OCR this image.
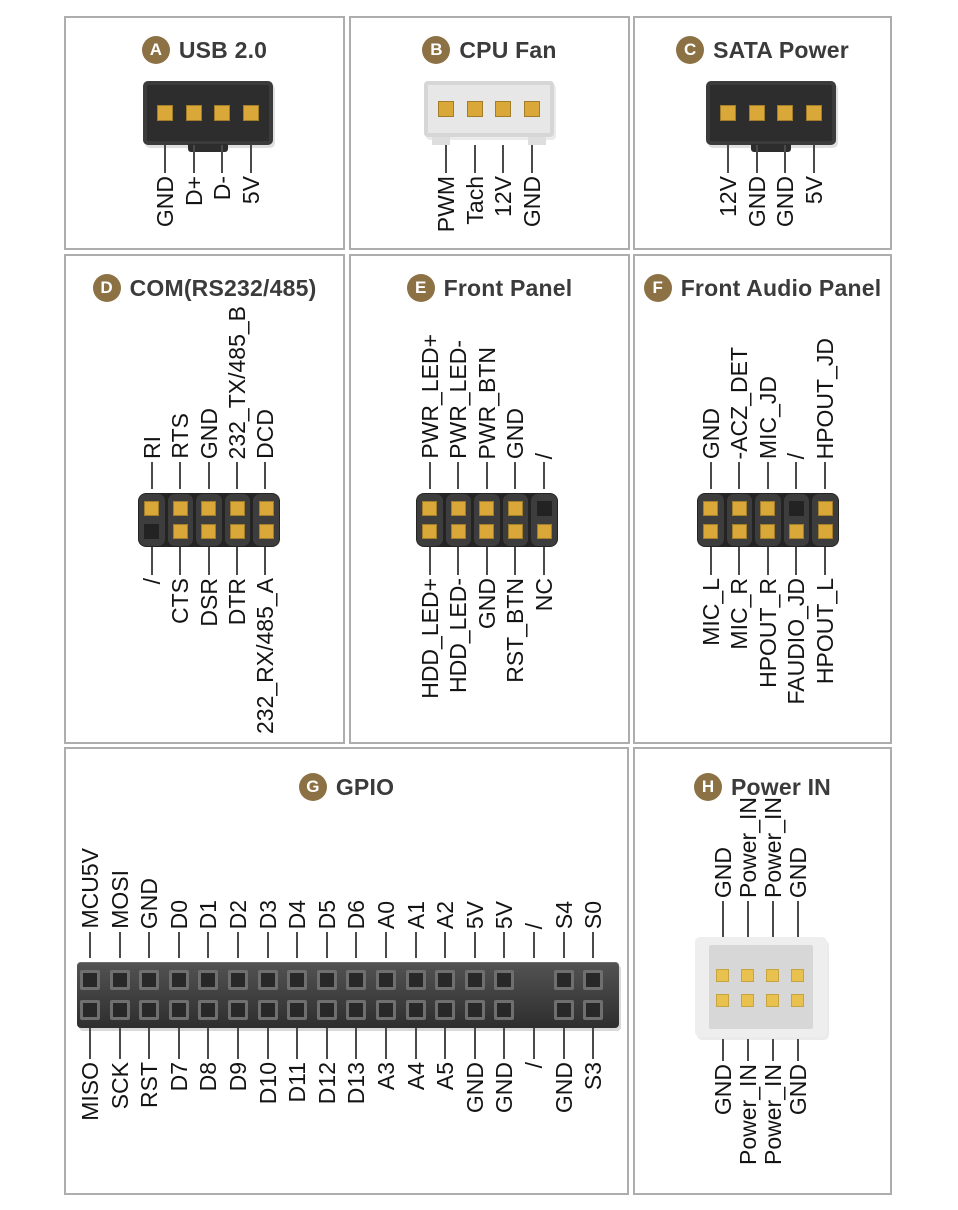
A USB 2.0
GND D+ D- 5V
B CPU Fan
PWM Tach 12V GND
C SATA Power
12V GND GND 5V
D COM(RS232/485)
RI RTS GND 232_TX/485_B DCD
/ CTS DSR DTR 232_RX/485_A
E Front Panel
PWR_LED+ PWR_LED- PWR_BTN GND /
HDD_LED+ HDD_LED- GND RST_BTN NC
F Front Audio Panel
GND -ACZ_DET MIC_JD / HPOUT_JD
MIC_L MIC_R HPOUT_R FAUDIO_JD HPOUT_L
G GPIO
MCU5V MOSI GND D0 D1 D2 D3 D4 D5 D6 A0 A1 A2 5V 5V / S4 S0
MISO SCK RST D7 D8 D9 D10 D11 D12 D13 A3 A4 A5 GND GND / GND S3
H Power IN
GND Power_IN Power_IN GND
GND Power_IN Power_IN GND
